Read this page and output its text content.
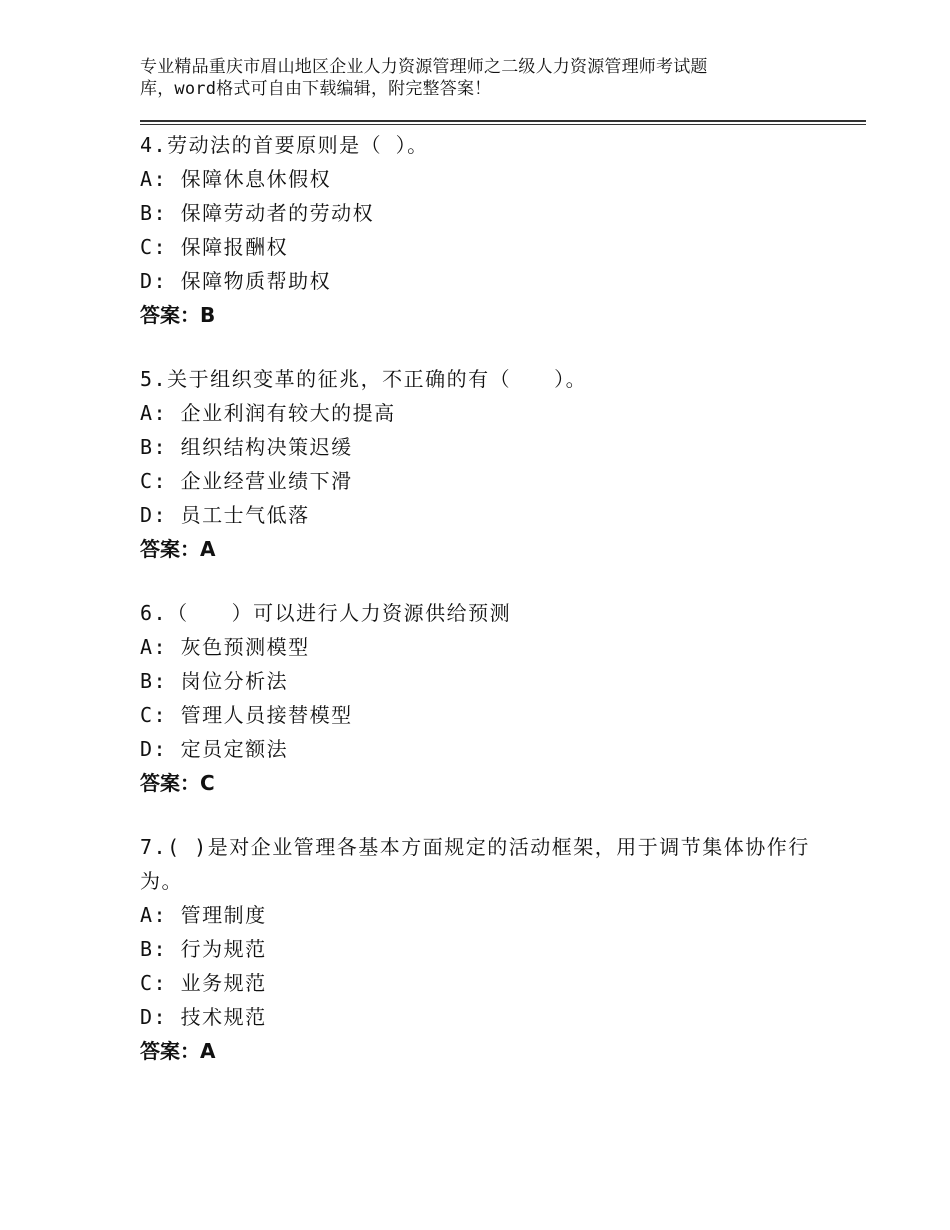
专业精品重庆市眉山地区企业人力资源管理师之二级人力资源管理师考试题
库，word格式可自由下载编辑，附完整答案！

4.劳动法的首要原则是（ ）。

A: 保障休息休假权
B: 保障劳动者的劳动权
C: 保障报酬权
D: 保障物质帮助权
答案：B

5.关于组织变革的征兆，不正确的有（　　）。

A: 企业利润有较大的提高
B: 组织结构决策迟缓
C: 企业经营业绩下滑
D: 员工士气低落
答案：A

6.（　　）可以进行人力资源供给预测

A: 灰色预测模型
B: 岗位分析法
C: 管理人员接替模型
D: 定员定额法
答案：C

7.( )是对企业管理各基本方面规定的活动框架，用于调节集体协作行为。

A: 管理制度
B: 行为规范
C: 业务规范
D: 技术规范
答案：A
